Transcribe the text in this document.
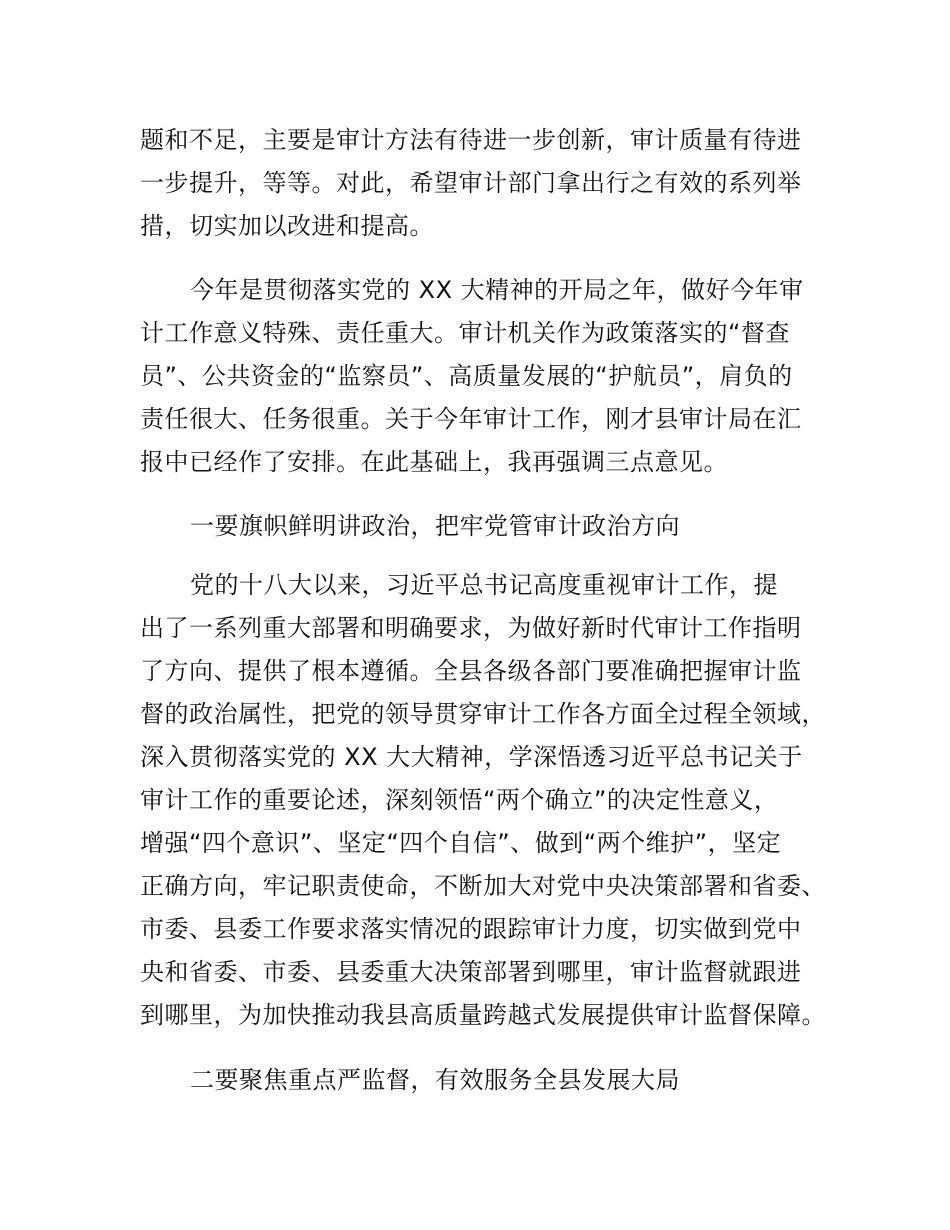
题和不足，主要是审计方法有待进一步创新，审计质量有待进
一步提升，等等。对此，希望审计部门拿出行之有效的系列举
措，切实加以改进和提高。
今年是贯彻落实党的 XX 大精神的开局之年，做好今年审
计工作意义特殊、责任重大。审计机关作为政策落实的“督查
员”、公共资金的“监察员”、高质量发展的“护航员”，肩负的
责任很大、任务很重。关于今年审计工作，刚才县审计局在汇
报中已经作了安排。在此基础上，我再强调三点意见。
一要旗帜鲜明讲政治，把牢党管审计政治方向
党的十八大以来，习近平总书记高度重视审计工作，提
出了一系列重大部署和明确要求，为做好新时代审计工作指明
了方向、提供了根本遵循。全县各级各部门要准确把握审计监
督的政治属性，把党的领导贯穿审计工作各方面全过程全领域，
深入贯彻落实党的 XX 大大精神，学深悟透习近平总书记关于
审计工作的重要论述，深刻领悟“两个确立”的决定性意义，
增强“四个意识”、坚定“四个自信”、做到“两个维护”，坚定
正确方向，牢记职责使命，不断加大对党中央决策部署和省委、
市委、县委工作要求落实情况的跟踪审计力度，切实做到党中
央和省委、市委、县委重大决策部署到哪里，审计监督就跟进
到哪里，为加快推动我县高质量跨越式发展提供审计监督保障。
二要聚焦重点严监督，有效服务全县发展大局
